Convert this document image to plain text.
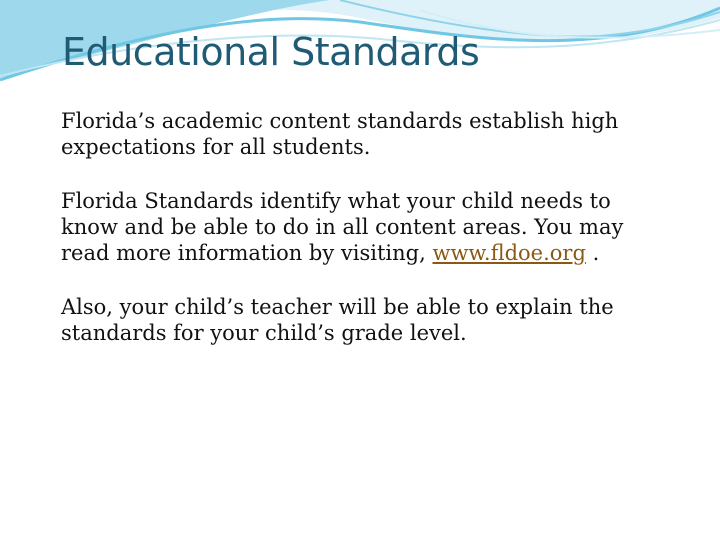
Educational Standards

Florida’s academic content standards establish high expectations for all students.

Florida Standards identify what your child needs to know and be able to do in all content areas. You may read more information by visiting, www.fldoe.org .

Also, your child’s teacher will be able to explain the standards for your child’s grade level.
